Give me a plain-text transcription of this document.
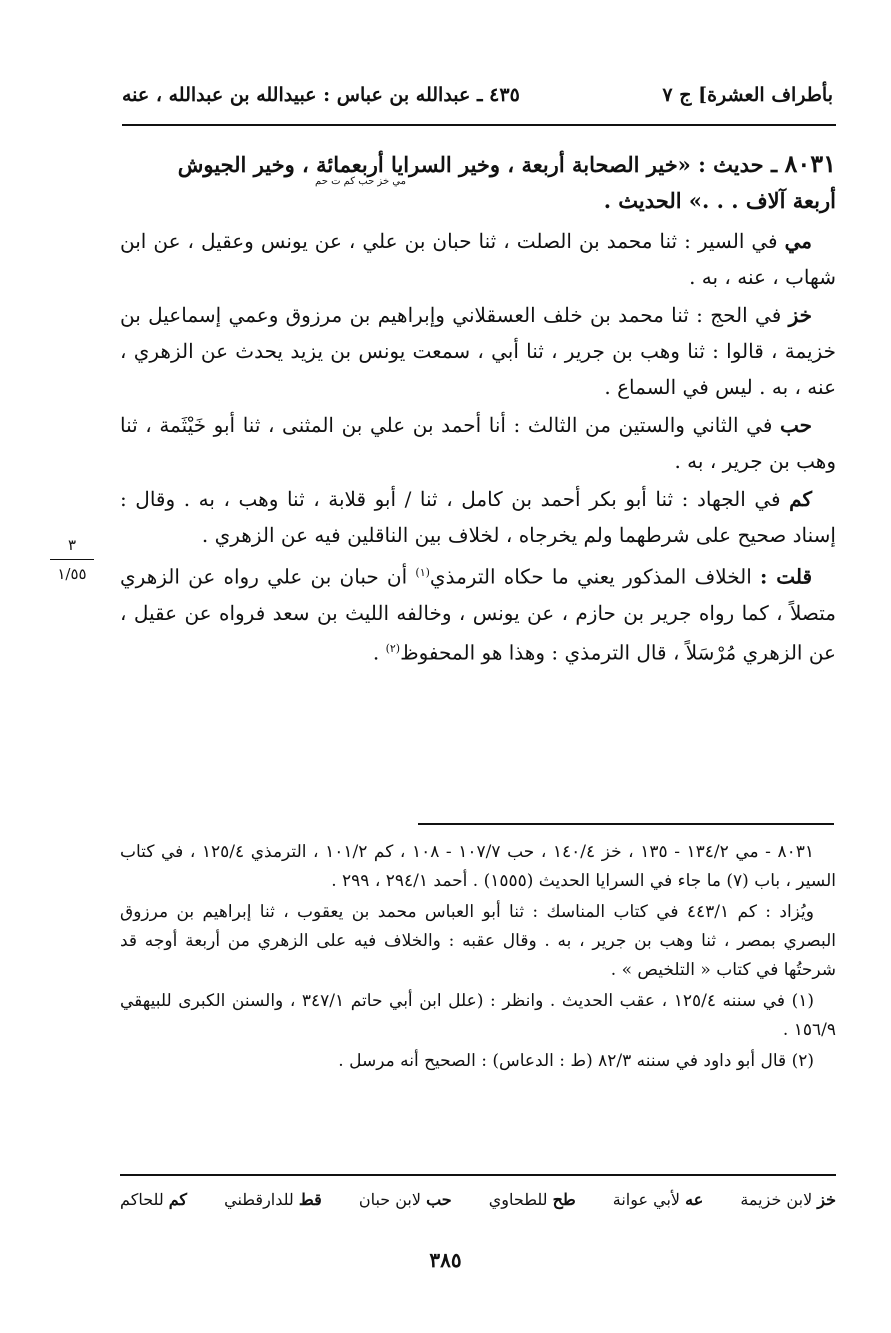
بأطراف العشرة] ج ٧
٤٣٥ ـ عبدالله بن عباس : عبيدالله بن عبدالله ، عنه

٨٠٣١ ـ حديث : «خير الصحابة أربعة ، وخير السرايا أربعمائة ، وخير الجيوش

مي خز حب كم ت حم

أربعة آلاف . . .» الحديث .

مي في السير : ثنا محمد بن الصلت ، ثنا حبان بن علي ، عن يونس وعقيل ، عن ابن شهاب ، عنه ، به .

خز في الحج : ثنا محمد بن خلف العسقلاني وإبراهيم بن مرزوق وعمي إسماعيل بن خزيمة ، قالوا : ثنا وهب بن جرير ، ثنا أبي ، سمعت يونس بن يزيد يحدث عن الزهري ، عنه ، به . ليس في السماع .

حب في الثاني والستين من الثالث : أنا أحمد بن علي بن المثنى ، ثنا أبو خَيْثَمة ، ثنا وهب بن جرير ، به .

كم في الجهاد : ثنا أبو بكر أحمد بن كامل ، ثنا / أبو قلابة ، ثنا وهب ، به . وقال : إسناد صحيح على شرطهما ولم يخرجاه ، لخلاف بين الناقلين فيه عن الزهري .

قلت : الخلاف المذكور يعني ما حكاه الترمذي$^{(١)}$ أن حبان بن علي رواه عن الزهري متصلاً ، كما رواه جرير بن حازم ، عن يونس ، وخالفه الليث بن سعد فرواه عن عقيل ، عن الزهري مُرْسَلاً ، قال الترمذي : وهذا هو المحفوظ$^{(٢)}$ .

٣
١/٥٥

٨٠٣١ - مي ١٣٤/٢ - ١٣٥ ، خز ١٤٠/٤ ، حب ١٠٧/٧ - ١٠٨ ، كم ١٠١/٢ ، الترمذي ١٢٥/٤ ، في كتاب السير ، باب (٧) ما جاء في السرايا الحديث (١٥٥٥) . أحمد ٢٩٤/١ ، ٢٩٩ .

ويُزاد : كم ٤٤٣/١ في كتاب المناسك : ثنا أبو العباس محمد بن يعقوب ، ثنا إبراهيم بن مرزوق البصري بمصر ، ثنا وهب بن جرير ، به . وقال عقبه : والخلاف فيه على الزهري من أربعة أوجه قد شرحتُها في كتاب « التلخيص » .

(١) في سننه ١٢٥/٤ ، عقب الحديث . وانظر : (علل ابن أبي حاتم ٣٤٧/١ ، والسنن الكبرى للبيهقي ١٥٦/٩ .

(٢) قال أبو داود في سننه ٨٢/٣ (ط : الدعاس) : الصحيح أنه مرسل .

خز لابن خزيمة
عه لأبي عوانة
طح للطحاوي
حب لابن حبان
قط للدارقطني
كم للحاكم
٣٨٥
